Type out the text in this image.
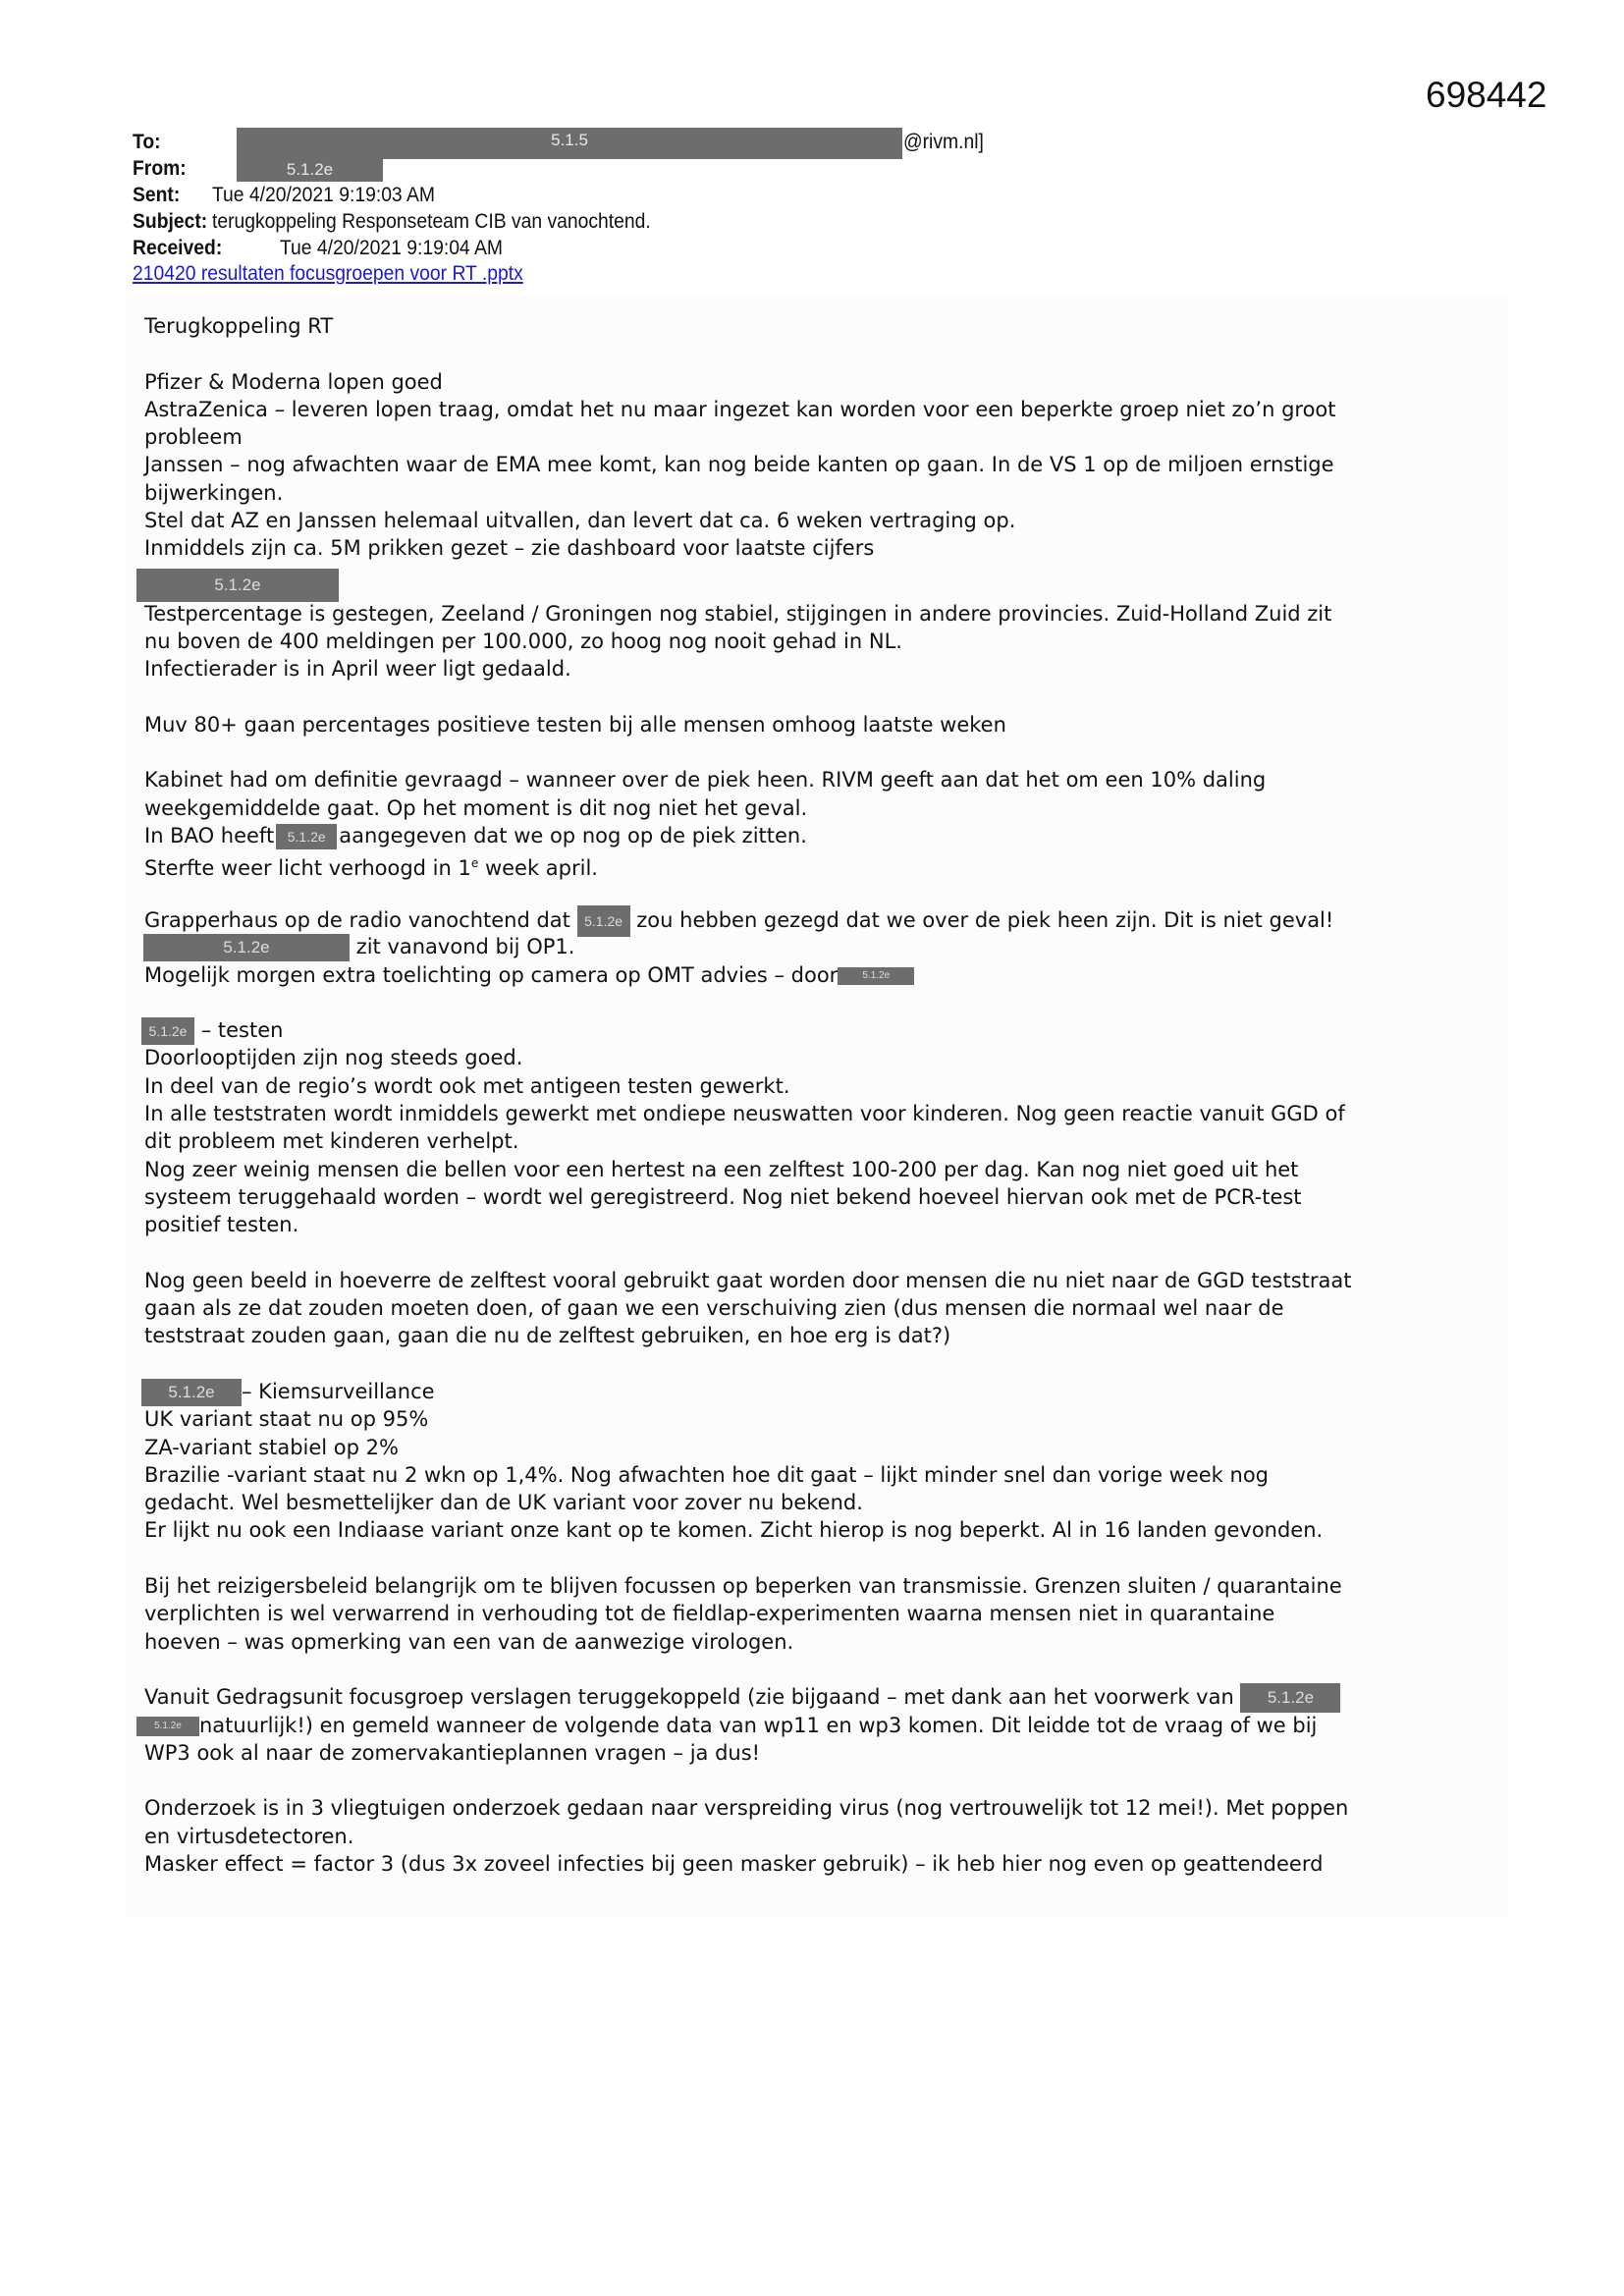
698442
To:	5.1.5	@rivm.nl]
From:	5.1.2e
Sent: Tue 4/20/2021 9:19:03 AM
Subject: terugkoppeling Responseteam CIB van vanochtend.
Received:	Tue 4/20/2021 9:19:04 AM
210420 resultaten focusgroepen voor RT .pptx
Terugkoppeling RT
Pfizer & Moderna lopen goed
AstraZenica – leveren lopen traag, omdat het nu maar ingezet kan worden voor een beperkte groep niet zo’n groot
probleem
Janssen – nog afwachten waar de EMA mee komt, kan nog beide kanten op gaan. In de VS 1 op de miljoen ernstige
bijwerkingen.
Stel dat AZ en Janssen helemaal uitvallen, dan levert dat ca. 6 weken vertraging op.
Inmiddels zijn ca. 5M prikken gezet – zie dashboard voor laatste cijfers
5.1.2e
Testpercentage is gestegen, Zeeland / Groningen nog stabiel, stijgingen in andere provincies. Zuid-Holland Zuid zit
nu boven de 400 meldingen per 100.000, zo hoog nog nooit gehad in NL.
Infectierader is in April weer ligt gedaald.
Muv 80+ gaan percentages positieve testen bij alle mensen omhoog laatste weken
Kabinet had om definitie gevraagd – wanneer over de piek heen. RIVM geeft aan dat het om een 10% daling
weekgemiddelde gaat. Op het moment is dit nog niet het geval.
In BAO heeft 5.1.2e aangegeven dat we op nog op de piek zitten.
Sterfte weer licht verhoogd in 1e week april.
Grapperhaus op de radio vanochtend dat 5.1.2e zou hebben gezegd dat we over de piek heen zijn. Dit is niet geval!
5.1.2e	zit vanavond bij OP1.
Mogelijk morgen extra toelichting op camera op OMT advies – door	5.1.2e
5.1.2e – testen
Doorlooptijden zijn nog steeds goed.
In deel van de regio’s wordt ook met antigeen testen gewerkt.
In alle teststraten wordt inmiddels gewerkt met ondiepe neuswatten voor kinderen. Nog geen reactie vanuit GGD of
dit probleem met kinderen verhelpt.
Nog zeer weinig mensen die bellen voor een hertest na een zelftest 100-200 per dag. Kan nog niet goed uit het
systeem teruggehaald worden – wordt wel geregistreerd. Nog niet bekend hoeveel hiervan ook met de PCR-test
positief testen.
Nog geen beeld in hoeverre de zelftest vooral gebruikt gaat worden door mensen die nu niet naar de GGD teststraat
gaan als ze dat zouden moeten doen, of gaan we een verschuiving zien (dus mensen die normaal wel naar de
teststraat zouden gaan, gaan die nu de zelftest gebruiken, en hoe erg is dat?)
5.1.2e – Kiemsurveillance
UK variant staat nu op 95%
ZA-variant stabiel op 2%
Brazilie -variant staat nu 2 wkn op 1,4%. Nog afwachten hoe dit gaat – lijkt minder snel dan vorige week nog
gedacht. Wel besmettelijker dan de UK variant voor zover nu bekend.
Er lijkt nu ook een Indiaase variant onze kant op te komen. Zicht hierop is nog beperkt. Al in 16 landen gevonden.
Bij het reizigersbeleid belangrijk om te blijven focussen op beperken van transmissie. Grenzen sluiten / quarantaine
verplichten is wel verwarrend in verhouding tot de fieldlap-experimenten waarna mensen niet in quarantaine
hoeven – was opmerking van een van de aanwezige virologen.
Vanuit Gedragsunit focusgroep verslagen teruggekoppeld (zie bijgaand – met dank aan het voorwerk van 5.1.2e
5.1.2e natuurlijk!) en gemeld wanneer de volgende data van wp11 en wp3 komen. Dit leidde tot de vraag of we bij
WP3 ook al naar de zomervakantieplannen vragen – ja dus!
Onderzoek is in 3 vliegtuigen onderzoek gedaan naar verspreiding virus (nog vertrouwelijk tot 12 mei!). Met poppen
en virtusdetectoren.
Masker effect = factor 3 (dus 3x zoveel infecties bij geen masker gebruik) – ik heb hier nog even op geattendeerd
